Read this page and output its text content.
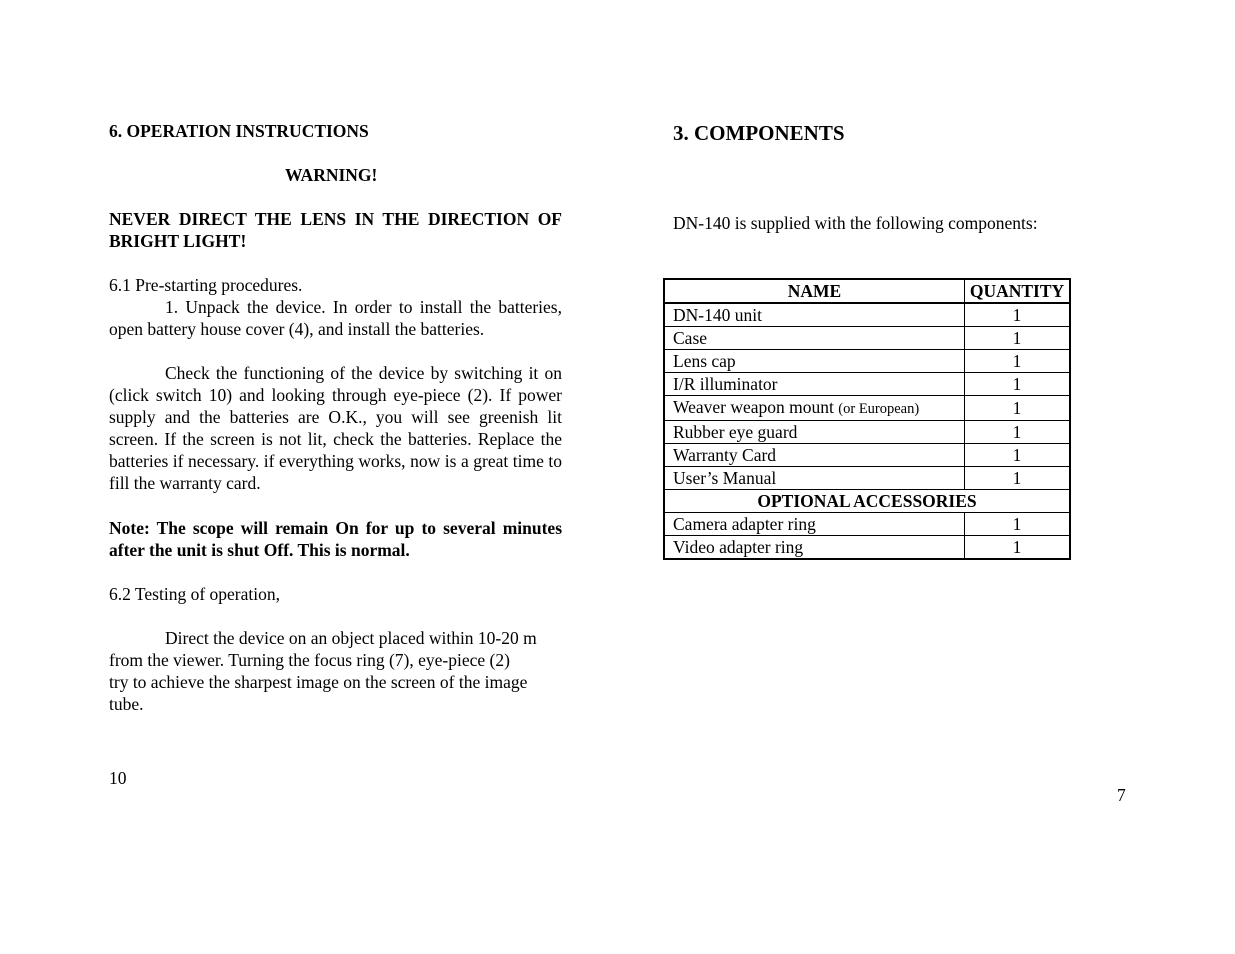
6. OPERATION INSTRUCTIONS

WARNING!

NEVER DIRECT THE LENS IN THE DIRECTION OF BRIGHT LIGHT!

6.1 Pre-starting procedures.

1. Unpack the device. In order to install the batteries, open battery house cover (4), and install the batteries.

Check the functioning of the device by switching it on (click switch 10) and looking through eye-piece (2). If power supply and the batteries are O.K., you will see greenish lit screen. If the screen is not lit, check the batteries. Replace the batteries if necessary. if everything works, now is a great time to fill the warranty card.

Note: The scope will remain On for up to several minutes after the unit is shut Off. This is normal.

6.2 Testing of operation,

Direct the device on an object placed within 10-20 m

from the viewer. Turning the focus ring (7), eye-piece (2)

try to achieve the sharpest image on the screen of the image

tube.

10

3. COMPONENTS

DN-140 is supplied with the following components:

NAME	QUANTITY
DN-140 unit	1
Case	1
Lens cap	1
I/R illuminator	1
Weaver weapon mount (or European)	1
Rubber eye guard	1
Warranty Card	1
User’s Manual	1
OPTIONAL ACCESSORIES	
Camera adapter ring	1
Video adapter ring	1

7
